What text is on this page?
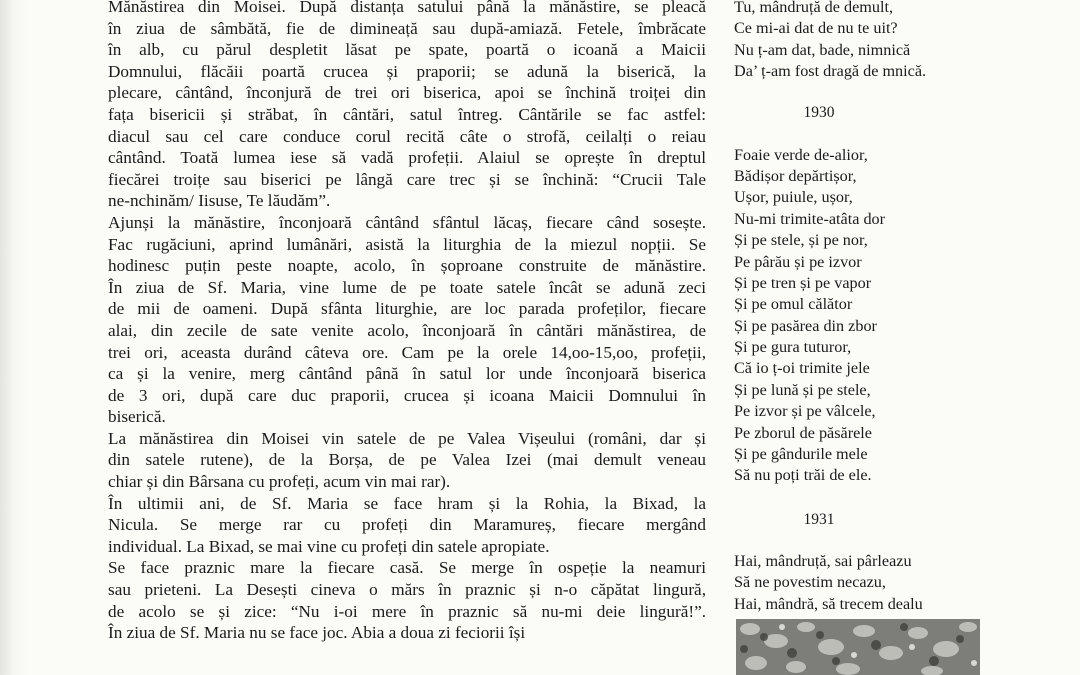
Mănăstirea din Moisei. După distanța satului până la mănăstire, se pleacă
în ziua de sâmbătă, fie de dimineață sau după-amiază. Fetele, îmbrăcate
în alb, cu părul despletit lăsat pe spate, poartă o icoană a Maicii
Domnului, flăcăii poartă crucea și praporii; se adună la biserică, la
plecare, cântând, înconjură de trei ori biserica, apoi se închină troiței din
fața bisericii și străbat, în cântări, satul întreg. Cântările se fac astfel:
diacul sau cel care conduce corul recită câte o strofă, ceilalți o reiau
cântând. Toată lumea iese să vadă profeții. Alaiul se oprește în dreptul
fiecărei troițe sau biserici pe lângă care trec și se închină: “Crucii Tale
ne-nchinăm/ Iisuse, Te lăudăm”.
Ajunși la mănăstire, înconjoară cântând sfântul lăcaș, fiecare când sosește.
Fac rugăciuni, aprind lumânări, asistă la liturghia de la miezul nopții. Se
hodinesc puțin peste noapte, acolo, în șoproane construite de mănăstire.
În ziua de Sf. Maria, vine lume de pe toate satele încât se adună zeci
de mii de oameni. După sfânta liturghie, are loc parada profeților, fiecare
alai, din zecile de sate venite acolo, înconjoară în cântări mănăstirea, de
trei ori, aceasta durând câteva ore. Cam pe la orele 14,oo-15,oo, profeții,
ca și la venire, merg cântând până în satul lor unde înconjoară biserica
de 3 ori, după care duc praporii, crucea și icoana Maicii Domnului în
biserică.
La mănăstirea din Moisei vin satele de pe Valea Vișeului (români, dar și
din satele rutene), de la Borșa, de pe Valea Izei (mai demult veneau
chiar și din Bârsana cu profeți, acum vin mai rar).
În ultimii ani, de Sf. Maria se face hram și la Rohia, la Bixad, la
Nicula. Se merge rar cu profeți din Maramureș, fiecare mergând
individual. La Bixad, se mai vine cu profeți din satele apropiate.
Se face praznic mare la fiecare casă. Se merge în ospeție la neamuri
sau prieteni. La Desești cineva o mărs în praznic și n-o căpătat lingură,
de acolo se și zice: “Nu i-oi mere în praznic să nu-mi deie lingură!”.
În ziua de Sf. Maria nu se face joc. Abia a doua zi feciorii își
Tu, mândruță de demult,
Ce mi-ai dat de nu te uit?
Nu ț-am dat, bade, nimnică
Da’ ț-am fost dragă de mnică.
1930
Foaie verde de-alior,
Bădișor depărtișor,
Ușor, puiule, ușor,
Nu-mi trimite-atâta dor
Și pe stele, și pe nor,
Pe pârău și pe izvor
Și pe tren și pe vapor
Și pe omul călător
Și pe pasărea din zbor
Și pe gura tuturor,
Că io ț-oi trimite jele
Și pe lună și pe stele,
Pe izvor și pe vâlcele,
Pe zborul de păsărele
Și pe gândurile mele
Să nu poți trăi de ele.
1931
Hai, mândruță, sai pârleazu
Să ne povestim necazu,
Hai, mândră, să trecem dealu
